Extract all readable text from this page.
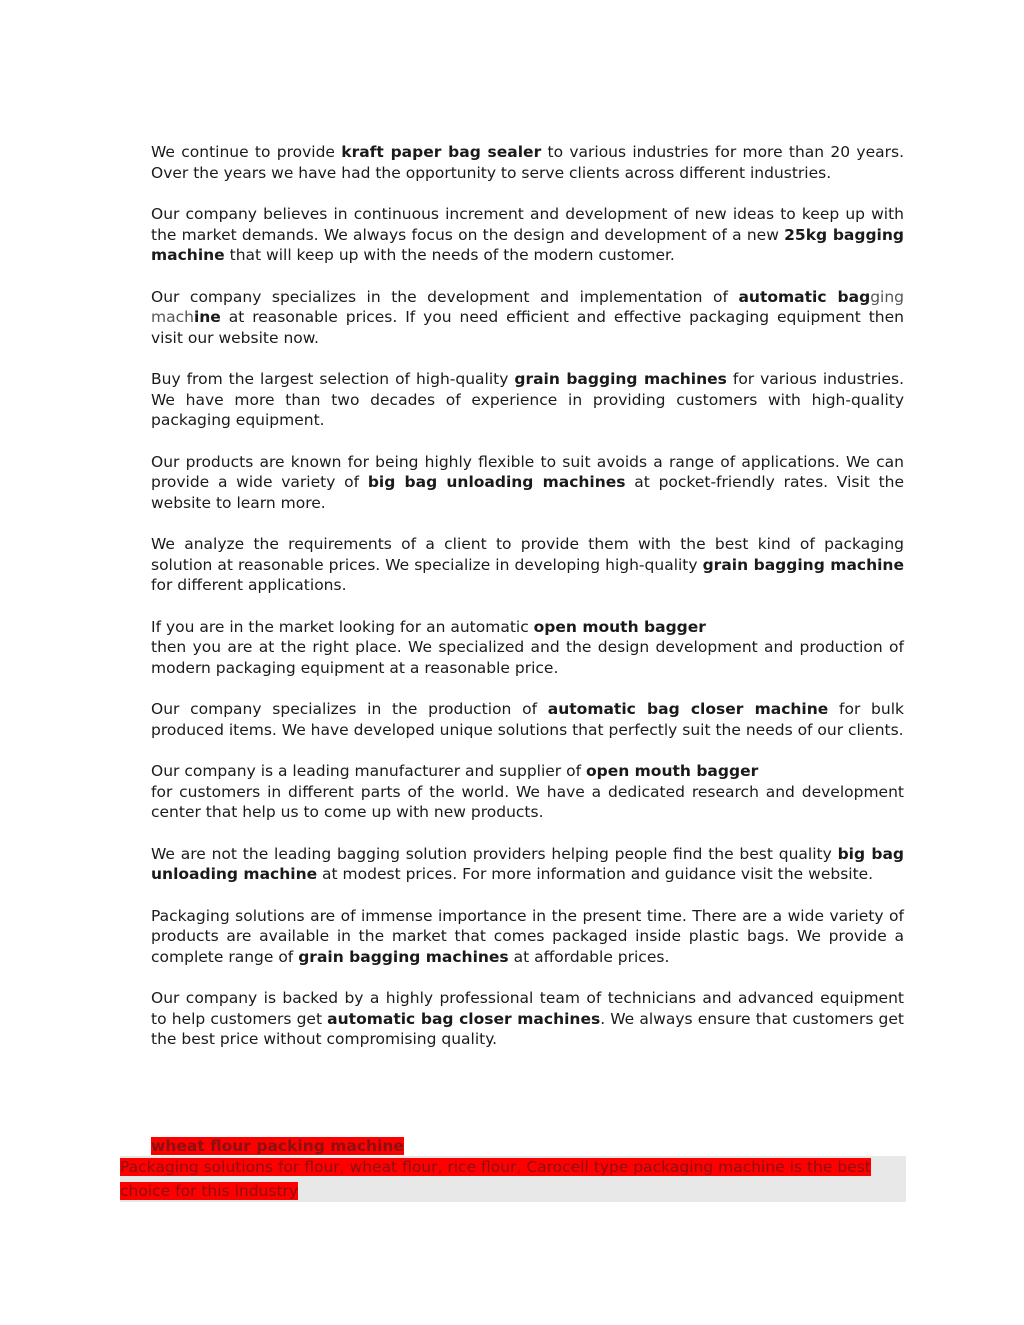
We continue to provide kraft paper bag sealer to various industries for more than 20 years. Over the years we have had the opportunity to serve clients across different industries.

Our company believes in continuous increment and development of new ideas to keep up with the market demands. We always focus on the design and development of a new 25kg bagging machine that will keep up with the needs of the modern customer.

Our company specializes in the development and implementation of automatic bagging machine at reasonable prices. If you need efficient and effective packaging equipment then visit our website now.

Buy from the largest selection of high-quality grain bagging machines for various industries. We have more than two decades of experience in providing customers with high-quality packaging equipment.

Our products are known for being highly flexible to suit avoids a range of applications. We can provide a wide variety of big bag unloading machines at pocket-friendly rates. Visit the website to learn more.

We analyze the requirements of a client to provide them with the best kind of packaging solution at reasonable prices. We specialize in developing high-quality grain bagging machine for different applications.

If you are in the market looking for an automatic open mouth bagger
then you are at the right place. We specialized and the design development and production of modern packaging equipment at a reasonable price.

Our company specializes in the production of automatic bag closer machine for bulk produced items. We have developed unique solutions that perfectly suit the needs of our clients.

Our company is a leading manufacturer and supplier of open mouth bagger
for customers in different parts of the world. We have a dedicated research and development center that help us to come up with new products.

We are not the leading bagging solution providers helping people find the best quality big bag unloading machine at modest prices. For more information and guidance visit the website.

Packaging solutions are of immense importance in the present time. There are a wide variety of products are available in the market that comes packaged inside plastic bags. We provide a complete range of grain bagging machines at affordable prices.

Our company is backed by a highly professional team of technicians and advanced equipment to help customers get automatic bag closer machines. We always ensure that customers get the best price without compromising quality.

wheat flour packing machine
Packaging solutions for flour, wheat flour, rice flour, Carocell type packaging machine is the best choice for this industry
